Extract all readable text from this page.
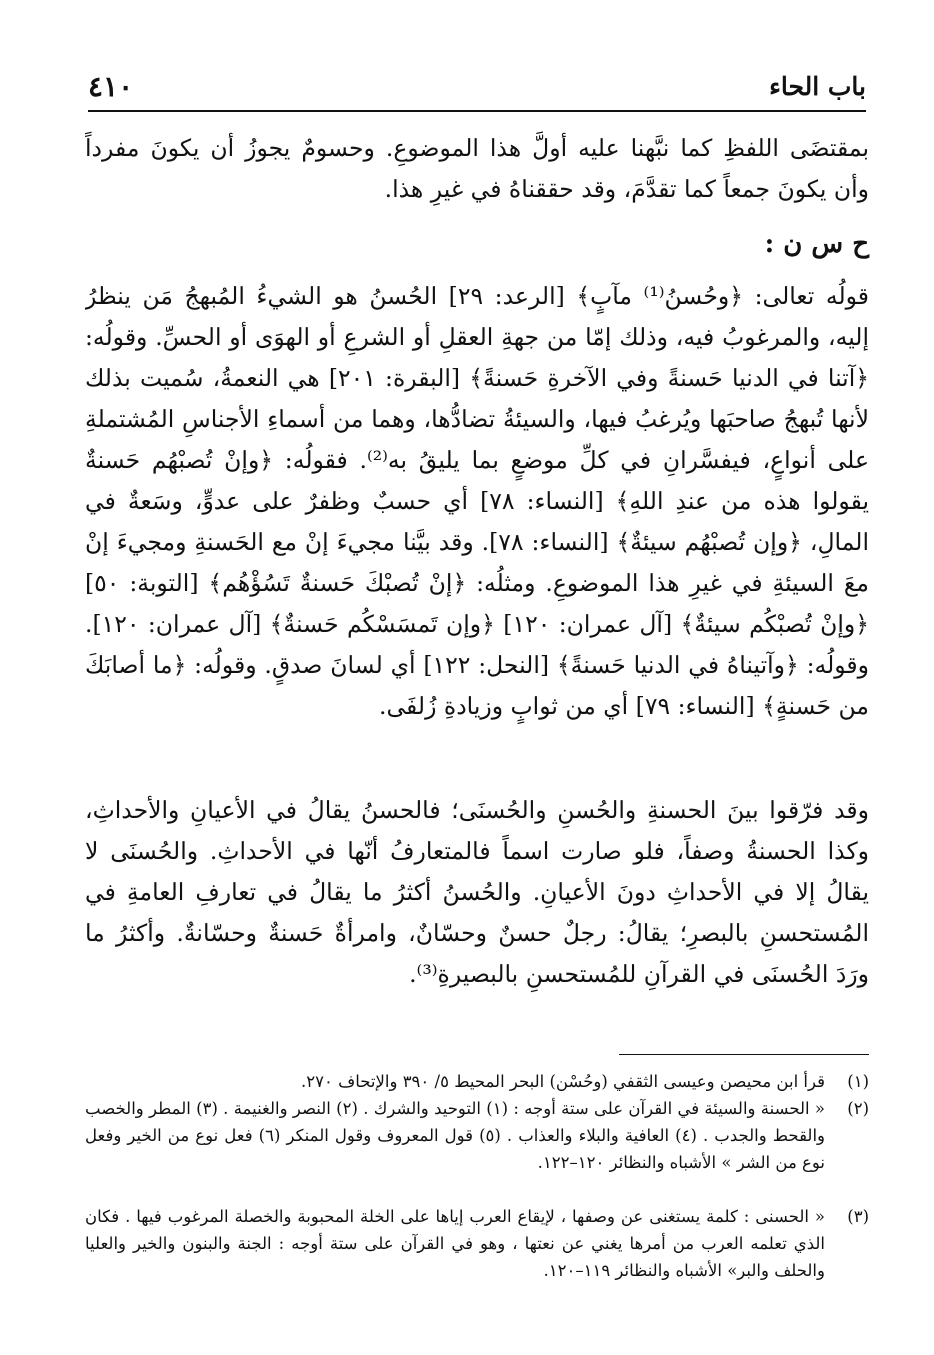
باب الحاء
٤١٠

بمقتضَى اللفظِ كما نبَّهنا عليه أولَّ هذا الموضوعِ. وحسومٌ يجوزُ أن يكونَ مفرداً وأن يكونَ جمعاً كما تقدَّمَ، وقد حققناهُ في غيرِ هذا.

ح س ن :

قولُه تعالى: ﴿وحُسنُ⁽¹⁾ مآبٍ﴾ [الرعد: ٢٩] الحُسنُ هو الشيءُ المُبهجُ مَن ينظرُ إليه، والمرغوبُ فيه، وذلك إمّا من جهةِ العقلِ أو الشرعِ أو الهوَى أو الحسِّ. وقولُه: ﴿آتنا في الدنيا حَسنةً وفي الآخرةِ حَسنةً﴾ [البقرة: ٢٠١] هي النعمةُ، سُميت بذلك لأنها تُبهجُ صاحبَها ويُرغبُ فيها، والسيئةُ تضادُّها، وهما من أسماءِ الأجناسِ المُشتملةِ على أنواعٍ، فيفسَّرانِ في كلِّ موضعٍ بما يليقُ به⁽²⁾. فقولُه: ﴿وإنْ تُصبْهُم حَسنةٌ يقولوا هذه من عندِ اللهِ﴾ [النساء: ٧٨] أي حسبٌ وظفرٌ على عدوٍّ، وسَعةٌ في المالِ، ﴿وإن تُصبْهُم سيئةٌ﴾ [النساء: ٧٨]. وقد بيَّنا مجيءَ إنْ مع الحَسنةِ ومجيءَ إنْ معَ السيئةِ في غيرِ هذا الموضوعِ. ومثلُه: ﴿إنْ تُصبْكَ حَسنةٌ تَسُؤْهُم﴾ [التوبة: ٥٠] ﴿وإنْ تُصبْكُم سيئةٌ﴾ [آل عمران: ١٢٠] ﴿وإن تَمسَسْكُم حَسنةٌ﴾ [آل عمران: ١٢٠]. وقولُه: ﴿وآتيناهُ في الدنيا حَسنةً﴾ [النحل: ١٢٢] أي لسانَ صدقٍ. وقولُه: ﴿ما أصابَكَ من حَسنةٍ﴾ [النساء: ٧٩] أي من ثوابٍ وزيادةِ زُلفَى.

وقد فرّقوا بينَ الحسنةِ والحُسنِ والحُسنَى؛ فالحسنُ يقالُ في الأعيانِ والأحداثِ، وكذا الحسنةُ وصفاً، فلو صارت اسماً فالمتعارفُ أنّها في الأحداثِ. والحُسنَى لا يقالُ إلا في الأحداثِ دونَ الأعيانِ. والحُسنُ أكثرُ ما يقالُ في تعارفِ العامةِ في المُستحسنِ بالبصرِ؛ يقالُ: رجلٌ حسنٌ وحسّانٌ، وامرأةٌ حَسنةٌ وحسّانةٌ. وأكثرُ ما ورَدَ الحُسنَى في القرآنِ للمُستحسنِ بالبصيرةِ⁽³⁾.

(١)
قرأ ابن محيصن وعيسى الثقفي (وحُسْن) البحر المحيط ٥/ ٣٩٠ والإتحاف ٢٧٠.

(٢)
« الحسنة والسيئة في القرآن على ستة أوجه : (١) التوحيد والشرك . (٢) النصر والغنيمة . (٣) المطر والخصب والقحط والجدب . (٤) العافية والبلاء والعذاب . (٥) قول المعروف وقول المنكر (٦) فعل نوع من الخير وفعل نوع من الشر » الأشباه والنظائر ١٢٠–١٢٢.

(٣)
« الحسنى : كلمة يستغنى عن وصفها ، لإيقاع العرب إياها على الخلة المحبوبة والخصلة المرغوب فيها . فكان الذي تعلمه العرب من أمرها يغني عن نعتها ، وهو في القرآن على ستة أوجه : الجنة والبنون والخير والعليا والحلف والبر» الأشباه والنظائر ١١٩–١٢٠.
